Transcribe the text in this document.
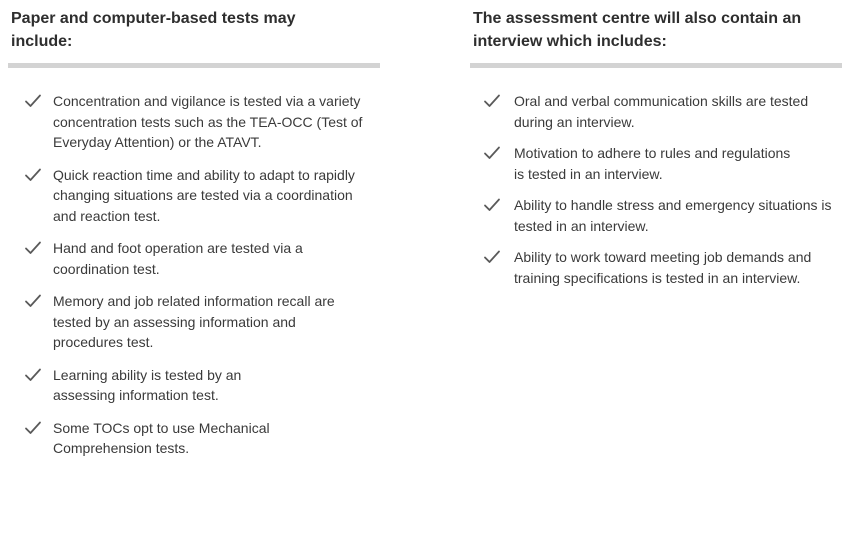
Paper and computer-based tests may include:
Concentration and vigilance is tested via a variety concentration tests such as the TEA-OCC (Test of Everyday Attention) or the ATAVT.
Quick reaction time and ability to adapt to rapidly changing situations are tested via a coordination and reaction test.
Hand and foot operation are tested via a coordination test.
Memory and job related information recall are tested by an assessing information and procedures test.
Learning ability is tested by an assessing information test.
Some TOCs opt to use Mechanical Comprehension tests.
The assessment centre will also contain an interview which includes:
Oral and verbal communication skills are tested during an interview.
Motivation to adhere to rules and regulations is tested in an interview.
Ability to handle stress and emergency situations is tested in an interview.
Ability to work toward meeting job demands and training specifications is tested in an interview.
